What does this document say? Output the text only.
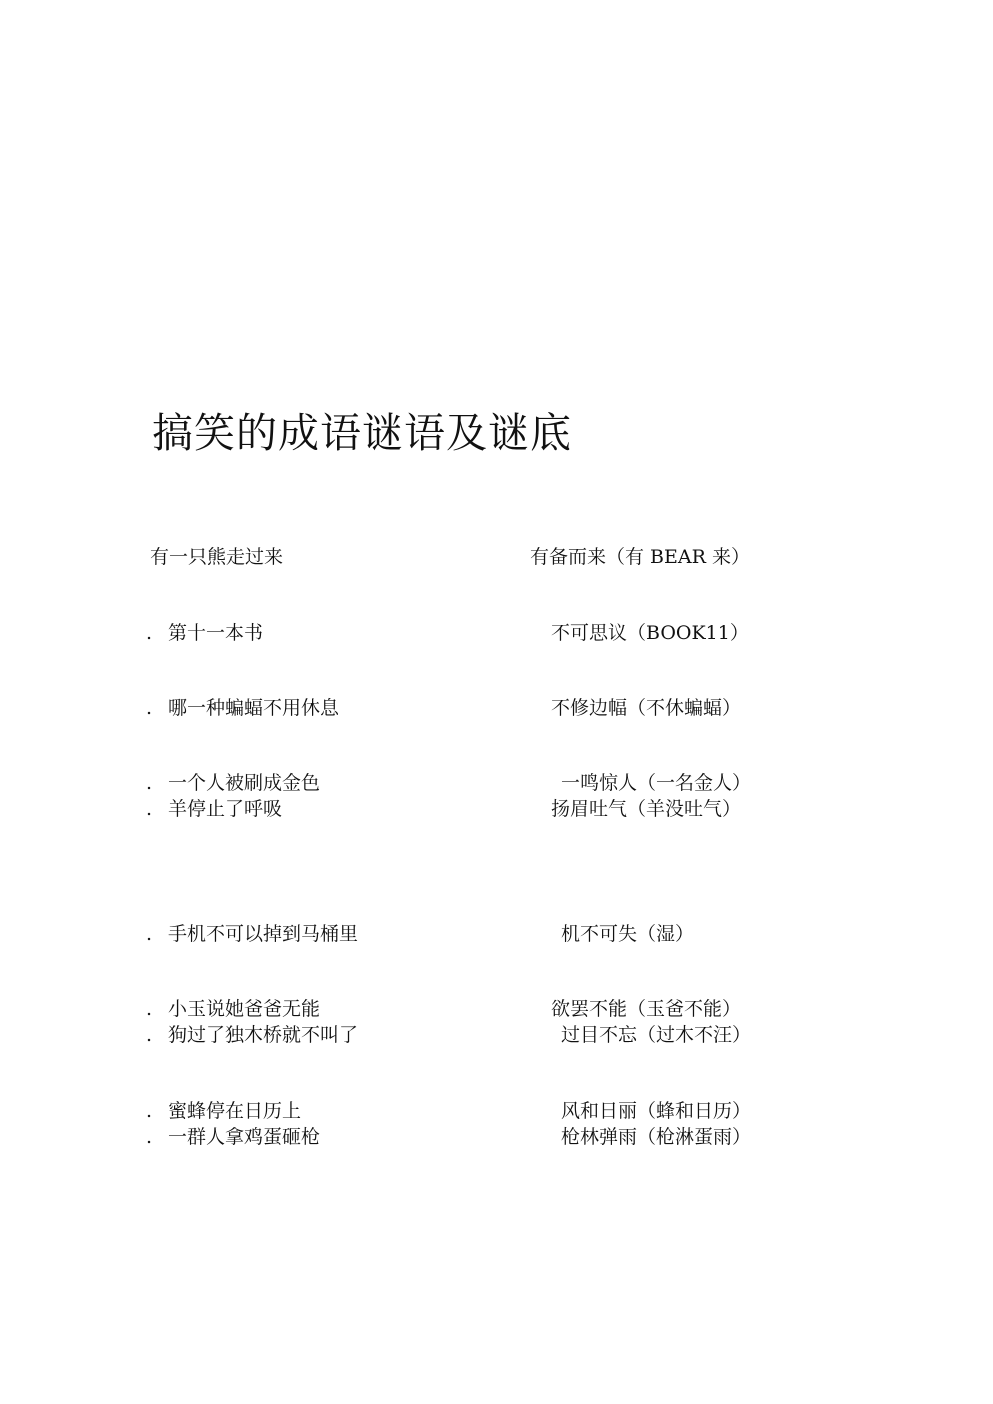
搞笑的成语谜语及谜底
有一只熊走过来	有备而来（有 BEAR 来）
. 第十一本书	不可思议（BOOK11）
. 哪一种蝙蝠不用休息	不修边幅（不休蝙蝠）
. 一个人被刷成金色	一鸣惊人（一名金人）
. 羊停止了呼吸	扬眉吐气（羊没吐气）
. 手机不可以掉到马桶里	机不可失（湿）
. 小玉说她爸爸无能	欲罢不能（玉爸不能）
. 狗过了独木桥就不叫了	过目不忘（过木不汪）
. 蜜蜂停在日历上	风和日丽（蜂和日历）
. 一群人拿鸡蛋砸枪	枪林弹雨（枪淋蛋雨）
